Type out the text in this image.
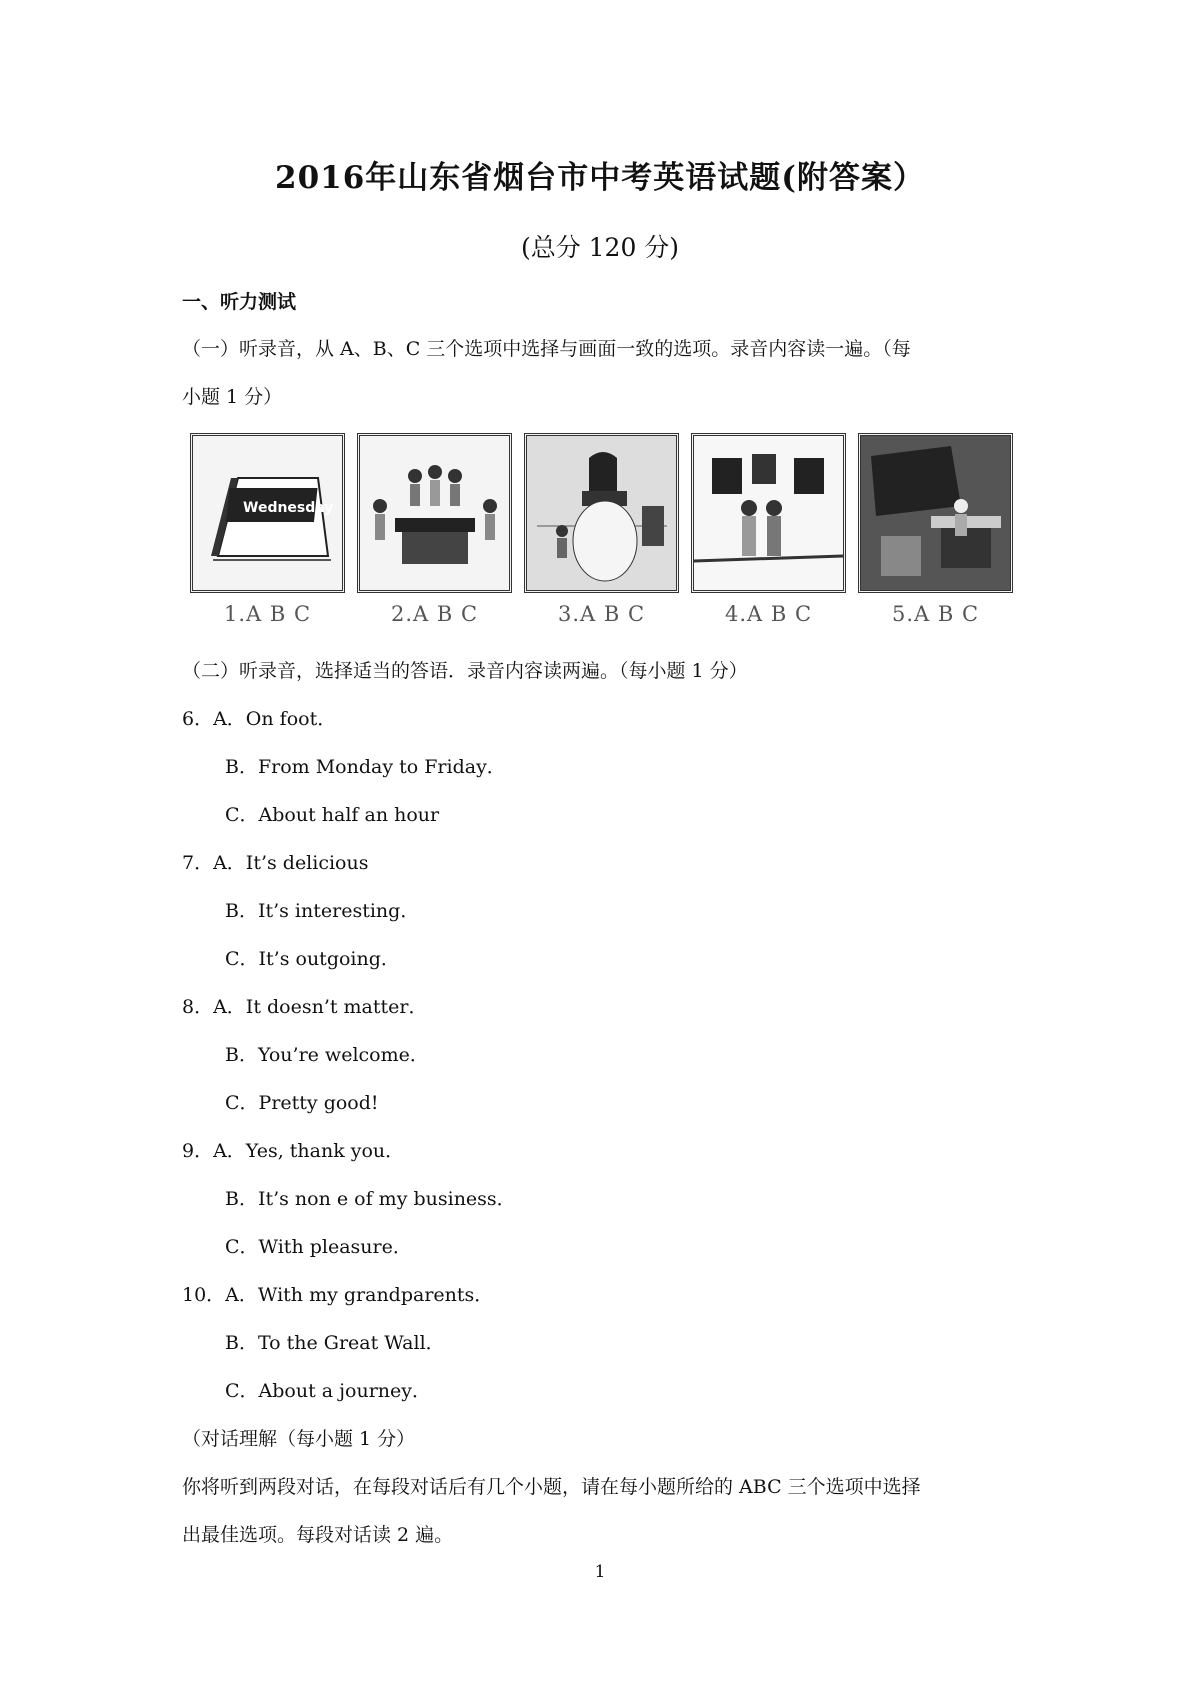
2016年山东省烟台市中考英语试题(附答案）
(总分 120 分)
一、听力测试
（一）听录音，从 A、B、C 三个选项中选择与画面一致的选项。录音内容读一遍。（每
小题 1 分）
Wednesday
1.A B C	2.A B C	3.A B C	4.A B C	5.A B C
（二）听录音，选择适当的答语．录音内容读两遍。（每小题 1 分）
6．A．On foot．
B．From Monday to Friday．
C．About half an hour
7．A．It’s delicious
B．It’s interesting．
C．It’s outgoing．
8．A．It doesn’t matter．
B．You’re welcome．
C．Pretty good!
9．A．Yes, thank you．
B．It’s non e of my business．
C．With pleasure．
10．A．With my grandparents．
B．To the Great Wall．
C．About a journey．
（对话理解（每小题 1 分）
你将听到两段对话，在每段对话后有几个小题，请在每小题所给的 ABC 三个选项中选择
出最佳选项。每段对话读 2 遍。
1
